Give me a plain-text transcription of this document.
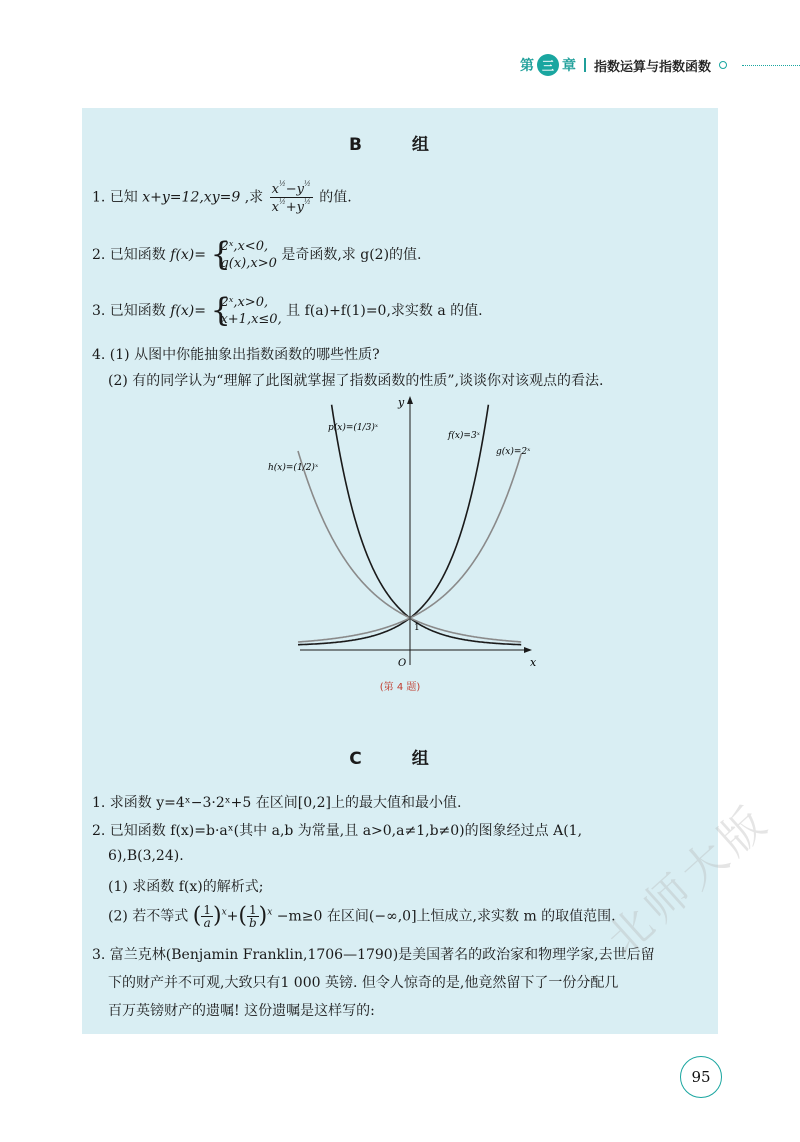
第 三 章 指数运算与指数函数
B 组
1. 已知 x+y=12,xy=9 ,求 $\frac{x^{\frac{1}{2}}-y^{\frac{1}{2}}}{x^{\frac{1}{2}}+y^{\frac{1}{2}}}$ 的值.
2. 已知函数 f(x)= {
2ˣ,x<0,
g(x),x>0
是奇函数,求 g(2)的值.
3. 已知函数 f(x)= {
2ˣ,x>0,
x+1,x≤0,
且 f(a)+f(1)=0,求实数 a 的值.
4. (1) 从图中你能抽象出指数函数的哪些性质?
(2) 有的同学认为“理解了此图就掌握了指数函数的性质”,谈谈你对该观点的看法.
x
y
O
1
p(x)=(1/3)ˣ
h(x)=(1/2)ˣ
f(x)=3ˣ
g(x)=2ˣ
(第 4 题)
C 组
1. 求函数 y=4ˣ−3·2ˣ+5 在区间[0,2]上的最大值和最小值.
2. 已知函数 f(x)=b·aˣ(其中 a,b 为常量,且 a>0,a≠1,b≠0)的图象经过点 A(1,
6),B(3,24).
(1) 求函数 f(x)的解析式;
(2) 若不等式 ( $\frac{1}{a} )^x+( \frac{1}{b} )^x -m\ge 0$ 在区间(−∞,0]上恒成立,求实数 m 的取值范围.
3. 富兰克林(Benjamin Franklin,1706—1790)是美国著名的政治家和物理学家,去世后留
下的财产并不可观,大致只有1 000 英镑. 但令人惊奇的是,他竟然留下了一份分配几
百万英镑财产的遗嘱! 这份遗嘱是这样写的:
北师大版
95
